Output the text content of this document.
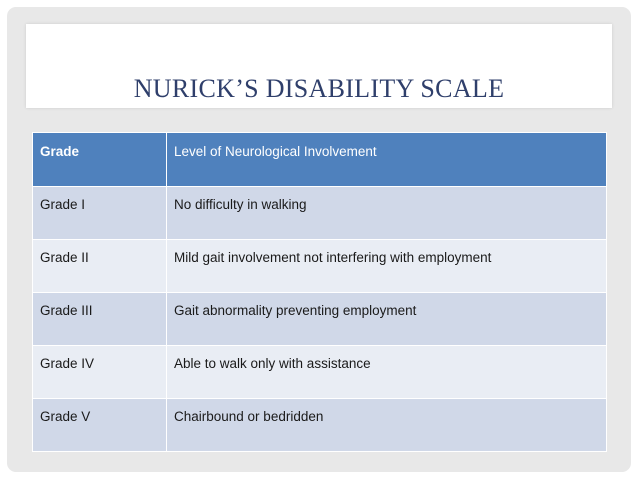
NURICK’S DISABILITY SCALE
Grade	Level of Neurological Involvement
Grade I	No difficulty in walking
Grade II	Mild gait involvement not interfering with employment
Grade III	Gait abnormality preventing employment
Grade IV	Able to walk only with assistance
Grade V	Chairbound or bedridden
